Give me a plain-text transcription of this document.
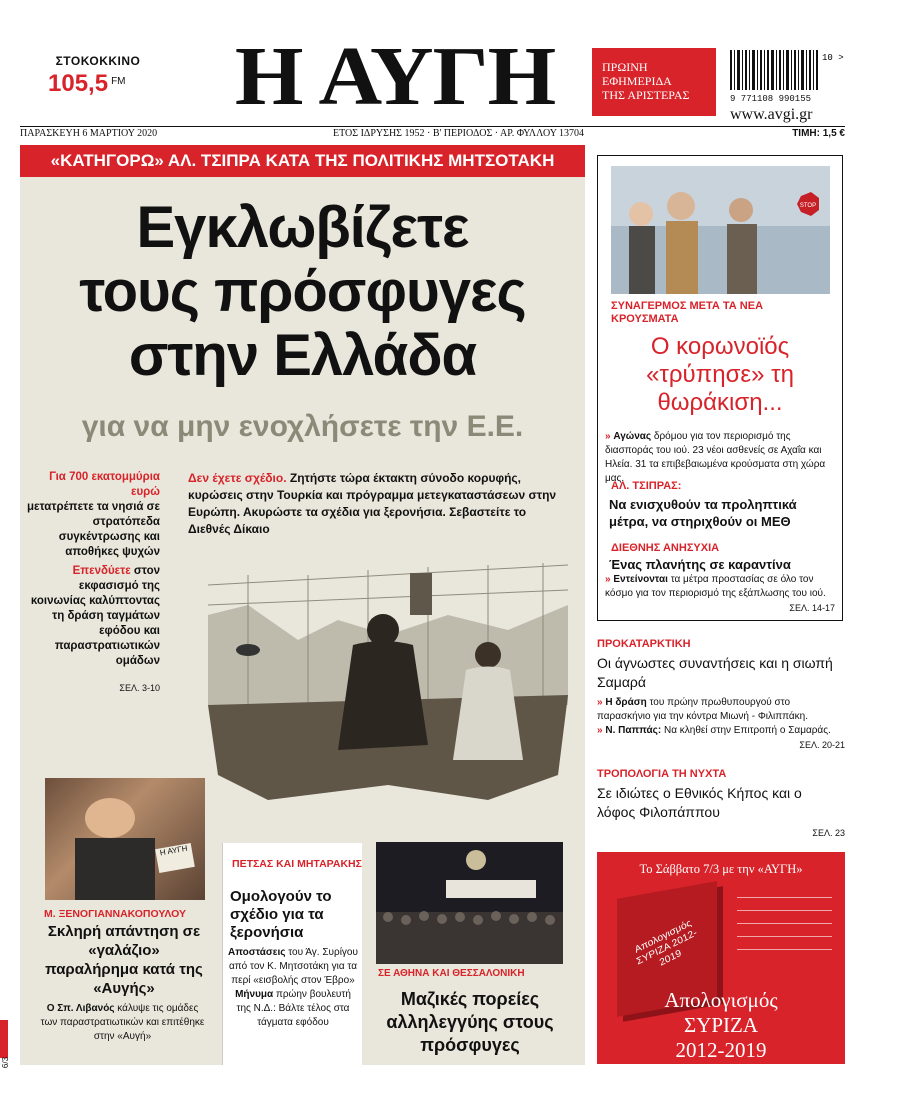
ΣΤΟΚΟΚΚΙΝΟ
105,5 FM	Η ΑΥΓΗ	ΠΡΩΙΝΗ
ΕΦΗΜΕΡΙΔΑ
ΤΗΣ ΑΡΙΣΤΕΡΑΣ
10 >
9 771108 990155
www.avgi.gr
ΠΑΡΑΣΚΕΥΗ 6 ΜΑΡΤΙΟΥ 2020	ΕΤΟΣ ΙΔΡΥΣΗΣ 1952 · Β' ΠΕΡΙΟΔΟΣ · ΑΡ. ΦΥΛΛΟΥ 13704	ΤΙΜΗ: 1,5 €
«ΚΑΤΗΓΟΡΩ» ΑΛ. ΤΣΙΠΡΑ ΚΑΤΑ ΤΗΣ ΠΟΛΙΤΙΚΗΣ ΜΗΤΣΟΤΑΚΗ
Εγκλωβίζετε
τους πρόσφυγες
στην Ελλάδα
για να μην ενοχλήσετε την Ε.Ε.
Για 700 εκατομμύρια ευρώ
μετατρέπετε τα νησιά σε στρατόπεδα συγκέντρωσης και αποθήκες ψυχών
Επενδύετε στον εκφασισμό της κοινωνίας καλύπτοντας τη δράση ταγμάτων εφόδου και παραστρατιωτικών ομάδων
ΣΕΛ. 3-10
Δεν έχετε σχέδιο. Ζητήστε τώρα έκτακτη σύνοδο κορυφής, κυρώσεις στην Τουρκία και πρόγραμμα μετεγκαταστάσεων στην Ευρώπη. Ακυρώστε τα σχέδια για ξερονήσια. Σεβαστείτε το Διεθνές Δίκαιο
Η ΑΥΓΗ
Μ. ΞΕΝΟΓΙΑΝΝΑΚΟΠΟΥΛΟΥ
Σκληρή απάντηση σε «γαλάζιο» παραλήρημα κατά της «Αυγής»
Ο Σπ. Λιβανός κάλυψε τις ομάδες των παραστρατιωτικών και επιτέθηκε στην «Αυγή»
ΠΕΤΣΑΣ ΚΑΙ ΜΗΤΑΡΑΚΗΣ
Ομολογούν το σχέδιο για τα ξερονήσια
Αποστάσεις του Άγ. Συρίγου από τον Κ. Μητσοτάκη για τα περί «εισβολής στον Έβρο»
Μήνυμα πρώην βουλευτή της Ν.Δ.: Βάλτε τέλος στα τάγματα εφόδου
ΣΕ ΑΘΗΝΑ ΚΑΙ ΘΕΣΣΑΛΟΝΙΚΗ
Μαζικές πορείες αλληλεγγύης στους πρόσφυγες
STOP
ΣΥΝΑΓΕΡΜΟΣ ΜΕΤΑ ΤΑ ΝΕΑ ΚΡΟΥΣΜΑΤΑ
Ο κορωνοϊός «τρύπησε» τη θωράκιση...
» Αγώνας δρόμου για τον περιορισμό της διασποράς του ιού. 23 νέοι ασθενείς σε Αχαΐα και Ηλεία. 31 τα επιβεβαιωμένα κρούσματα στη χώρα μας.
ΑΛ. ΤΣΙΠΡΑΣ:
Να ενισχυθούν τα προληπτικά μέτρα, να στηριχθούν οι ΜΕΘ
ΔΙΕΘΝΗΣ ΑΝΗΣΥΧΙΑ
Ένας πλανήτης σε καραντίνα
» Εντείνονται τα μέτρα προστασίας σε όλο τον κόσμο για τον περιορισμό της εξάπλωσης του ιού.
ΣΕΛ. 14-17
ΠΡΟΚΑΤΑΡΚΤΙΚΗ
Οι άγνωστες συναντήσεις και η σιωπή Σαμαρά
» Η δράση του πρώην πρωθυπουργού στο παρασκήνιο για την κόντρα Μιωνή - Φιλιππάκη.
» Ν. Παππάς: Να κληθεί στην Επιτροπή ο Σαμαράς.
ΣΕΛ. 20-21
ΤΡΟΠΟΛΟΓΙΑ ΤΗ ΝΥΧΤΑ
Σε ιδιώτες ο Εθνικός Κήπος και ο λόφος Φιλοπάππου
ΣΕΛ. 23
Το Σάββατο 7/3 με την «ΑΥΓΗ»
Απολογισμός ΣΥΡΙΖΑ 2012-2019
Απολογισμός
ΣΥΡΙΖΑ
2012-2019
6/3
